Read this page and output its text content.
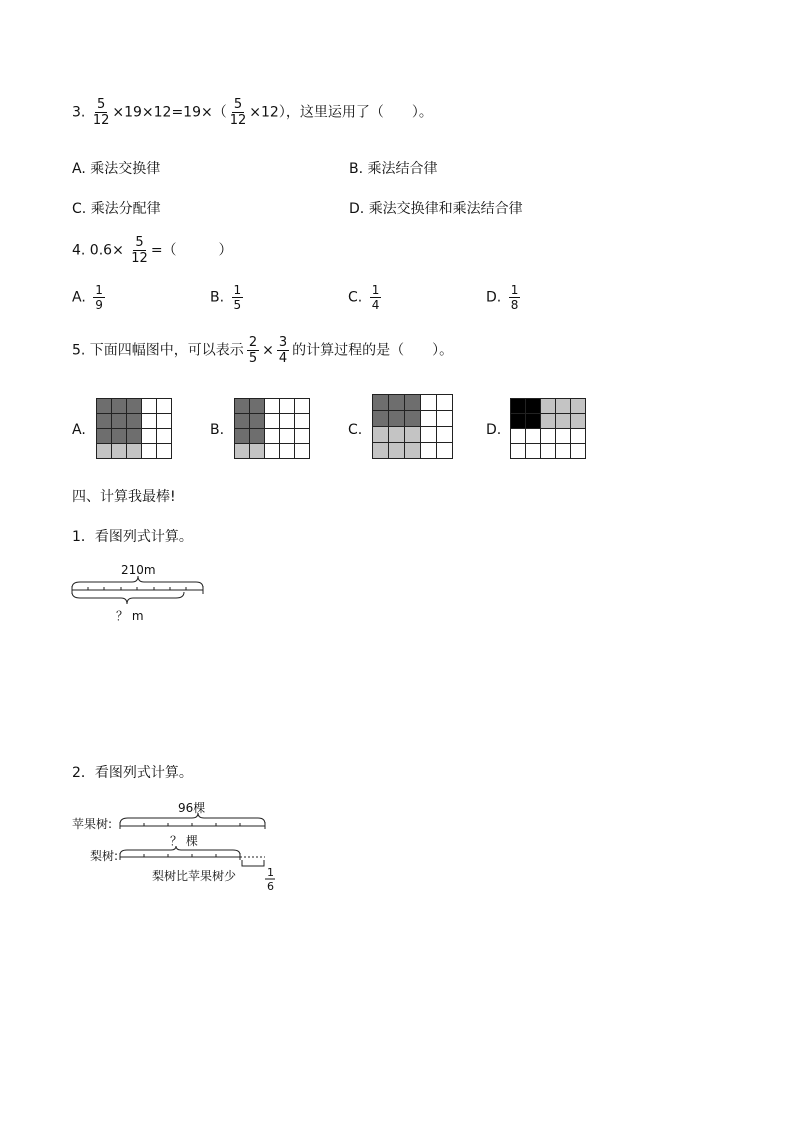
3. $\frac{5}{12} \times 19\times 12=19\times( \frac{5}{12} \times 12)$，这里运用了（　　）。
A. 乘法交换律	B. 乘法结合律
C. 乘法分配律	D. 乘法交换律和乘法结合律
4. $0.6\times \frac{5}{12}$ =（　　　）
A. $\frac{1}{9}$	B. $\frac{1}{5}$	C. $\frac{1}{4}$	D. $\frac{1}{8}$
5. 下面四幅图中，可以表示 $\frac{2}{5} \times \frac{3}{4}$ 的计算过程的是（　　）。
A.	B.	C.	D.

四、计算我最棒!
1．看图列式计算。
210m
？ m
2．看图列式计算。
苹果树:
96棵
梨树:
？ 棵
梨树比苹果树少	1
6
